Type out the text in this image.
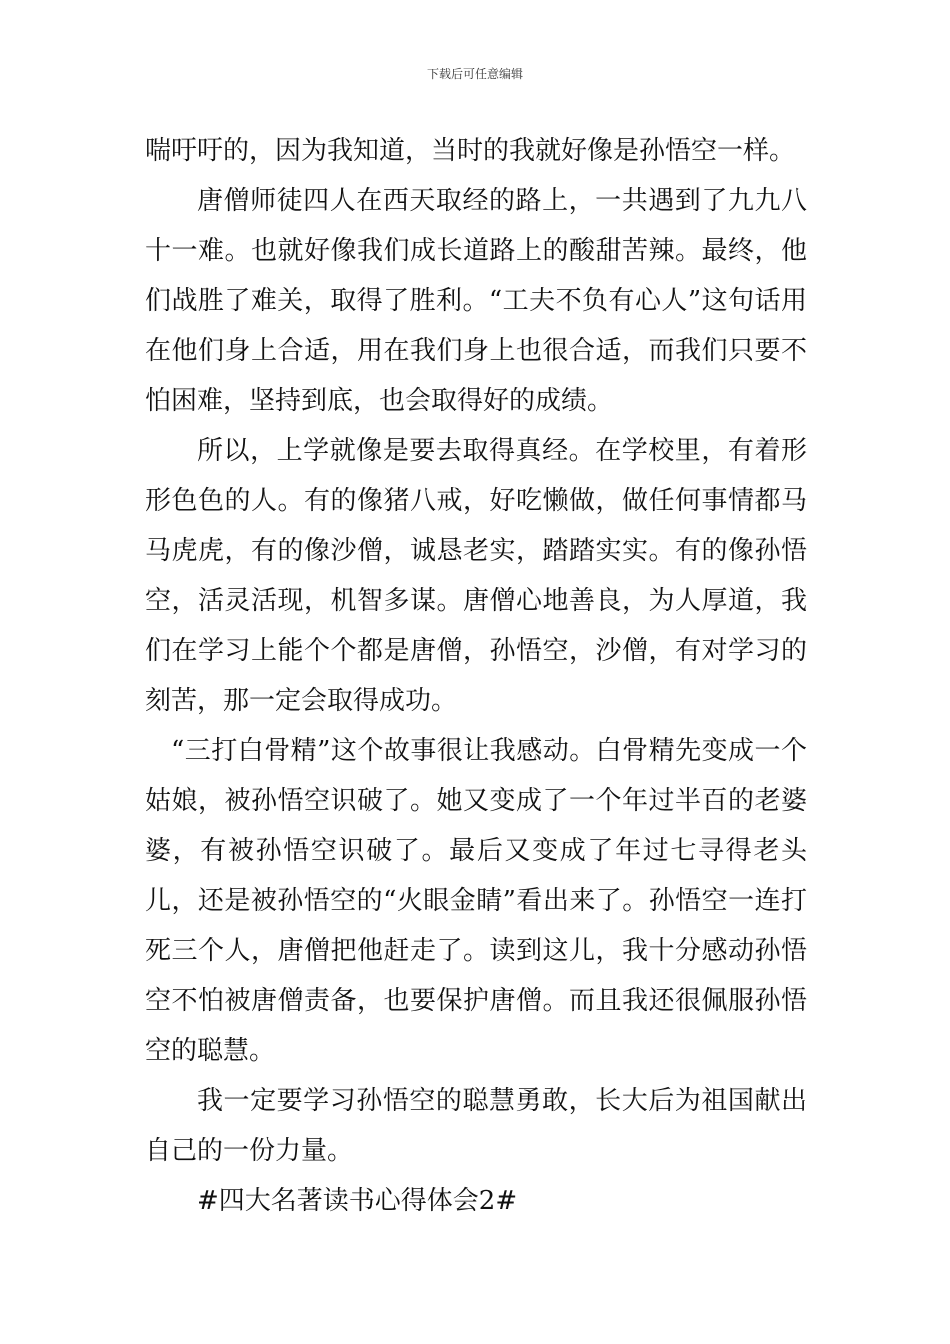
下载后可任意编辑

喘吁吁的，因为我知道，当时的我就好像是孙悟空一样。

唐僧师徒四人在西天取经的路上，一共遇到了九九八十一难。也就好像我们成长道路上的酸甜苦辣。最终，他们战胜了难关，取得了胜利。“工夫不负有心人”这句话用在他们身上合适，用在我们身上也很合适，而我们只要不怕困难，坚持到底，也会取得好的成绩。

所以，上学就像是要去取得真经。在学校里，有着形形色色的人。有的像猪八戒，好吃懒做，做任何事情都马马虎虎，有的像沙僧，诚恳老实，踏踏实实。有的像孙悟空，活灵活现，机智多谋。唐僧心地善良，为人厚道，我们在学习上能个个都是唐僧，孙悟空，沙僧，有对学习的刻苦，那一定会取得成功。

“三打白骨精”这个故事很让我感动。白骨精先变成一个姑娘，被孙悟空识破了。她又变成了一个年过半百的老婆婆，有被孙悟空识破了。最后又变成了年过七寻得老头儿，还是被孙悟空的“火眼金睛”看出来了。孙悟空一连打死三个人，唐僧把他赶走了。读到这儿，我十分感动孙悟空不怕被唐僧责备，也要保护唐僧。而且我还很佩服孙悟空的聪慧。

我一定要学习孙悟空的聪慧勇敢，长大后为祖国献出自己的一份力量。

#四大名著读书心得体会2#
